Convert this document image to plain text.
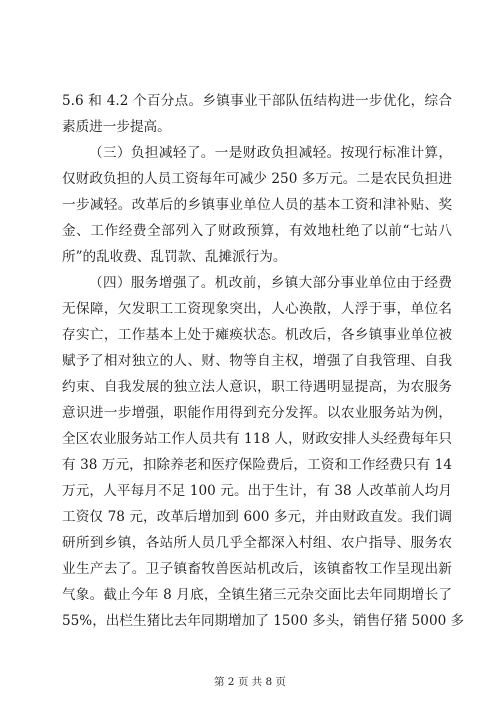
5.6 和 4.2 个百分点。乡镇事业干部队伍结构进一步优化，综合
素质进一步提高。
（三）负担减轻了。一是财政负担减轻。按现行标准计算，
仅财政负担的人员工资每年可减少 250 多万元。二是农民负担进
一步减轻。改革后的乡镇事业单位人员的基本工资和津补贴、奖
金、工作经费全部列入了财政预算，有效地杜绝了以前“七站八
所”的乱收费、乱罚款、乱摊派行为。
（四）服务增强了。机改前，乡镇大部分事业单位由于经费
无保障，欠发职工工资现象突出，人心涣散，人浮于事，单位名
存实亡，工作基本上处于瘫痪状态。机改后，各乡镇事业单位被
赋予了相对独立的人、财、物等自主权，增强了自我管理、自我
约束、自我发展的独立法人意识，职工待遇明显提高，为农服务
意识进一步增强，职能作用得到充分发挥。以农业服务站为例，
全区农业服务站工作人员共有 118 人，财政安排人头经费每年只
有 38 万元，扣除养老和医疗保险费后，工资和工作经费只有 14
万元，人平每月不足 100 元。出于生计，有 38 人改革前人均月
工资仅 78 元，改革后增加到 600 多元，并由财政直发。我们调
研所到乡镇，各站所人员几乎全都深入村组、农户指导、服务农
业生产去了。卫子镇畜牧兽医站机改后，该镇畜牧工作呈现出新
气象。截止今年 8 月底，全镇生猪三元杂交面比去年同期增长了
55%，出栏生猪比去年同期增加了 1500 多头，销售仔猪 5000 多
第 2 页 共 8 页
